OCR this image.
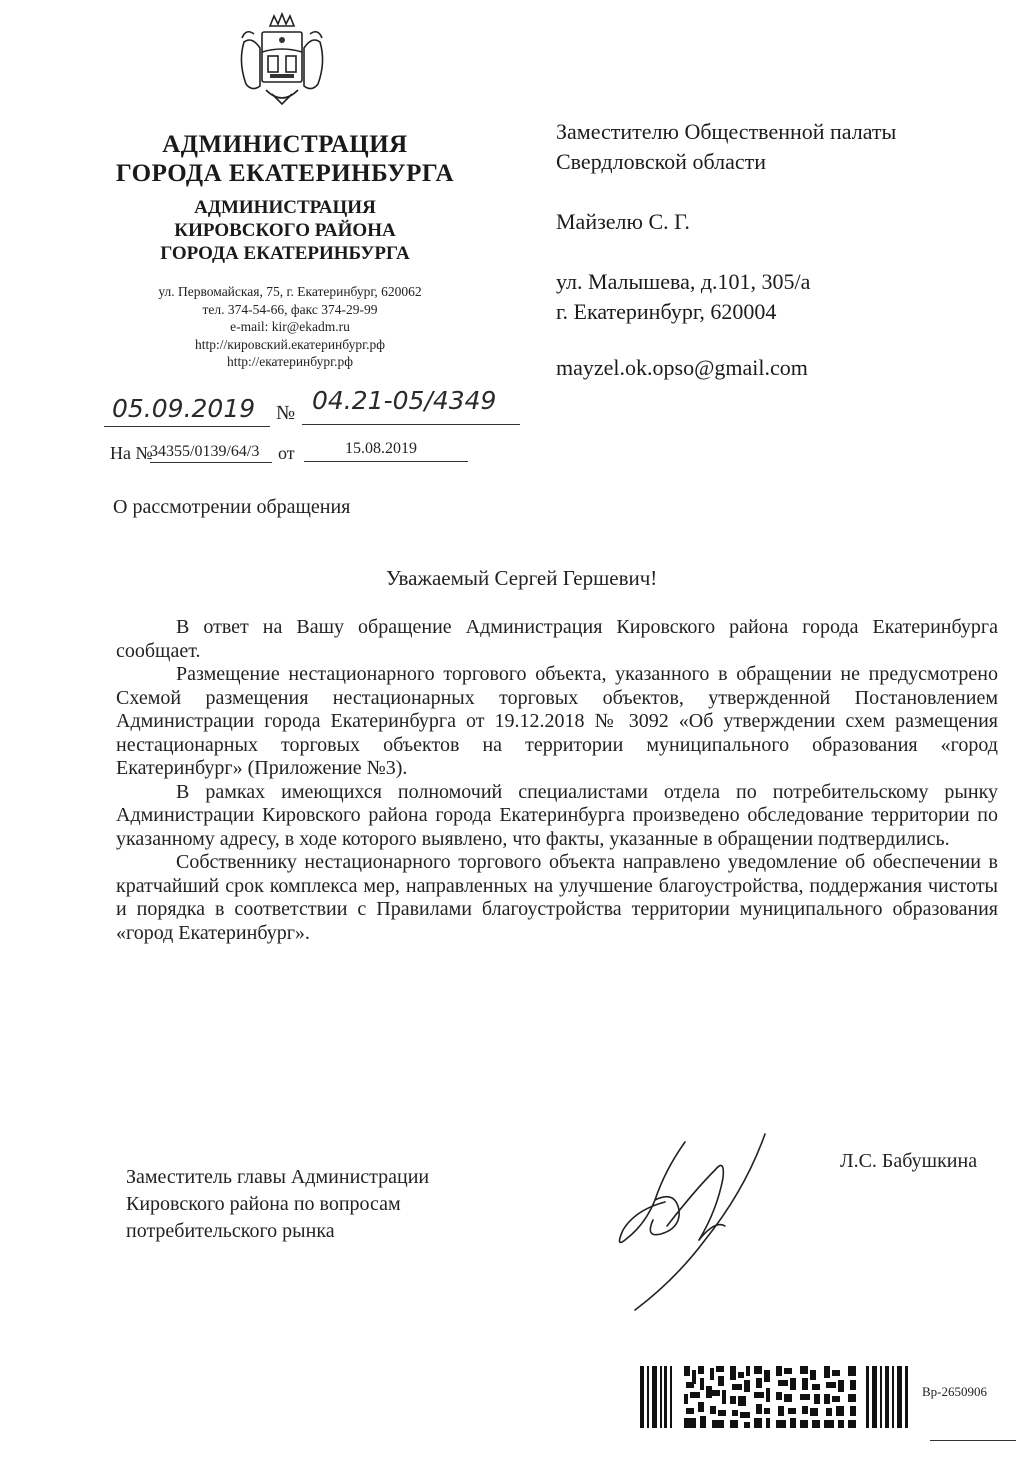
АДМИНИСТРАЦИЯ
ГОРОДА ЕКАТЕРИНБУРГА
АДМИНИСТРАЦИЯ
КИРОВСКОГО РАЙОНА
ГОРОДА ЕКАТЕРИНБУРГА
ул. Первомайская, 75, г. Екатеринбург, 620062
тел. 374-54-66, факс 374-29-99
e-mail: kir@ekadm.ru
http://кировский.екатеринбург.рф
http://екатеринбург.рф
Заместителю Общественной палаты
Свердловской области
Майзелю С. Г.
ул. Малышева, д.101, 305/а
г. Екатеринбург, 620004
mayzel.ok.opso@gmail.com
05.09.2019 № 04.21-05/4349
На №
34355/0139/64/3 от	15.08.2019
О рассмотрении обращения
Уважаемый Сергей Гершевич!

В ответ на Вашу обращение Администрация Кировского района города Екатеринбурга сообщает.

Размещение нестационарного торгового объекта, указанного в обращении не предусмотрено Схемой размещения нестационарных торговых объектов, утвержденной Постановлением Администрации города Екатеринбурга от 19.12.2018 № 3092 «Об утверждении схем размещения нестационарных торговых объектов на территории муниципального образования «город Екатеринбург» (Приложение №3).

В рамках имеющихся полномочий специалистами отдела по потребительскому рынку Администрации Кировского района города Екатеринбурга произведено обследование территории по указанному адресу, в ходе которого выявлено, что факты, указанные в обращении подтвердились.

Собственнику нестационарного торгового объекта направлено уведомление об обеспечении в кратчайший срок комплекса мер, направленных на улучшение благоустройства, поддержания чистоты и порядка в соответствии с Правилами благоустройства территории муниципального образования «город Екатеринбург».

Заместитель главы Администрации
Кировского района по вопросам
потребительского рынка
Л.С. Бабушкина
Вр-2650906
